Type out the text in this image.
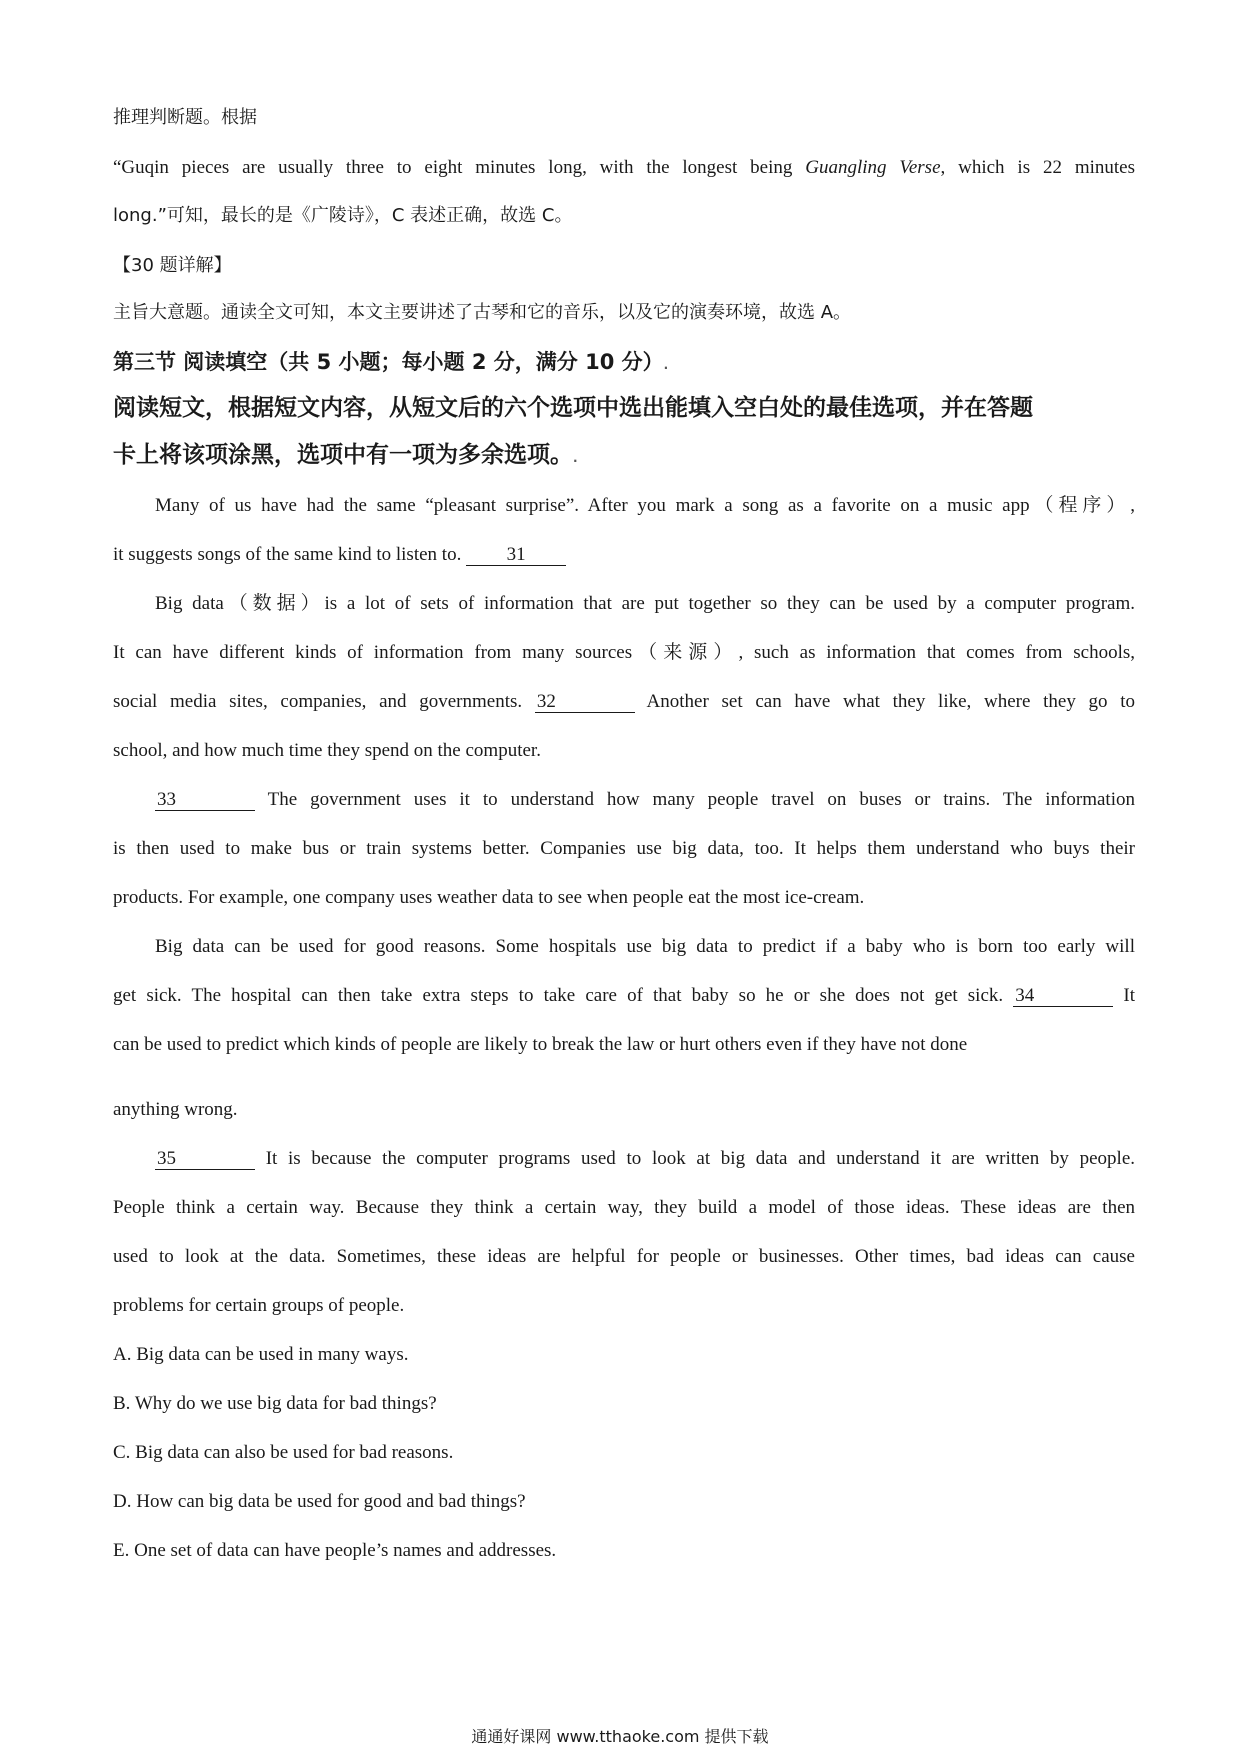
推理判断题。根据
“Guqin pieces are usually three to eight minutes long, with the longest being Guangling Verse, which is 22 minutes
long.”可知，最长的是《广陵诗》，C 表述正确，故选 C。
【30 题详解】
主旨大意题。通读全文可知，本文主要讲述了古琴和它的音乐，以及它的演奏环境，故选 A。
第三节 阅读填空（共 5 小题；每小题 2 分，满分 10 分）.
阅读短文，根据短文内容，从短文后的六个选项中选出能填入空白处的最佳选项，并在答题
卡上将该项涂黑，选项中有一项为多余选项。.
Many of us have had the same “pleasant surprise”. After you mark a song as a favorite on a music app（程序）,
it suggests songs of the same kind to listen to. 31
Big data（数据）is a lot of sets of information that are put together so they can be used by a computer program.
It can have different kinds of information from many sources（来源）, such as information that comes from schools,
social media sites, companies, and governments. 32	Another set can have what they like, where they go to
school, and how much time they spend on the computer.
33	The government uses it to understand how many people travel on buses or trains. The information
is then used to make bus or train systems better. Companies use big data, too. It helps them understand who buys their
products. For example, one company uses weather data to see when people eat the most ice-cream.
Big data can be used for good reasons. Some hospitals use big data to predict if a baby who is born too early will
get sick. The hospital can then take extra steps to take care of that baby so he or she does not get sick. 34	It
can be used to predict which kinds of people are likely to break the law or hurt others even if they have not done
anything wrong.
35	It is because the computer programs used to look at big data and understand it are written by people.
People think a certain way. Because they think a certain way, they build a model of those ideas. These ideas are then
used to look at the data. Sometimes, these ideas are helpful for people or businesses. Other times, bad ideas can cause
problems for certain groups of people.
A. Big data can be used in many ways.
B. Why do we use big data for bad things?
C. Big data can also be used for bad reasons.
D. How can big data be used for good and bad things?
E. One set of data can have people’s names and addresses.
通通好课网 www.tthaoke.com 提供下载
